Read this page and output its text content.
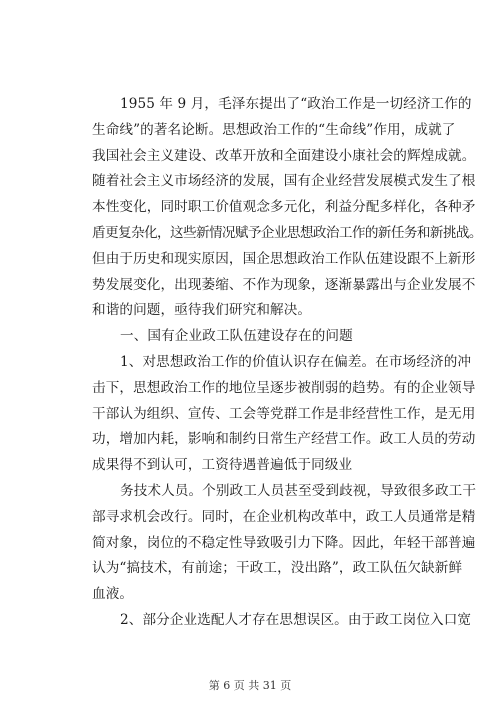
1955 年 9 月，毛泽东提出了“政治工作是一切经济工作的
生命线”的著名论断。思想政治工作的“生命线”作用，成就了
我国社会主义建设、改革开放和全面建设小康社会的辉煌成就。
随着社会主义市场经济的发展，国有企业经营发展模式发生了根
本性变化，同时职工价值观念多元化，利益分配多样化，各种矛
盾更复杂化，这些新情况赋予企业思想政治工作的新任务和新挑战。
但由于历史和现实原因，国企思想政治工作队伍建设跟不上新形
势发展变化，出现萎缩、不作为现象，逐渐暴露出与企业发展不
和谐的问题，亟待我们研究和解决。
一、国有企业政工队伍建设存在的问题
1、对思想政治工作的价值认识存在偏差。在市场经济的冲
击下，思想政治工作的地位呈逐步被削弱的趋势。有的企业领导
干部认为组织、宣传、工会等党群工作是非经营性工作，是无用
功，增加内耗，影响和制约日常生产经营工作。政工人员的劳动
成果得不到认可，工资待遇普遍低于同级业
务技术人员。个别政工人员甚至受到歧视，导致很多政工干
部寻求机会改行。同时，在企业机构改革中，政工人员通常是精
简对象，岗位的不稳定性导致吸引力下降。因此，年轻干部普遍
认为“搞技术，有前途；干政工，没出路”，政工队伍欠缺新鲜
血液。
2、部分企业选配人才存在思想误区。由于政工岗位入口宽
第 6 页 共 31 页
